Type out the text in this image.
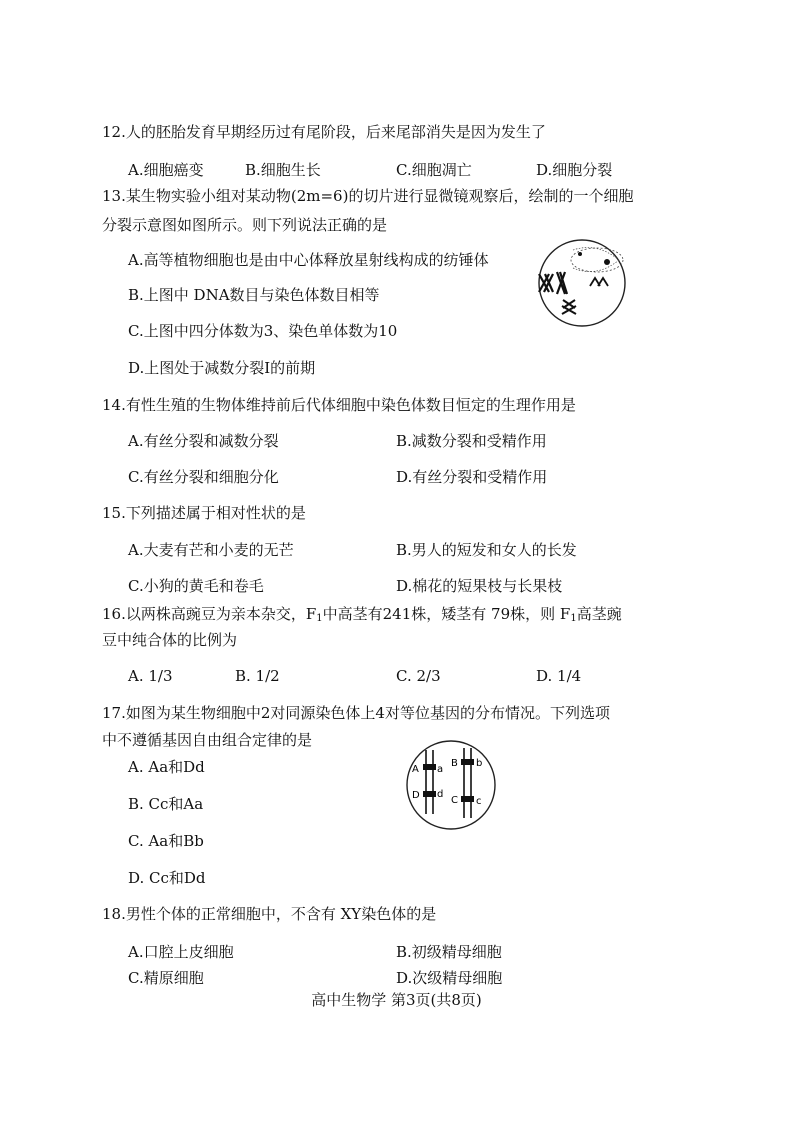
12.人的胚胎发育早期经历过有尾阶段，后来尾部消失是因为发生了
A.细胞癌变	B.细胞生长	C.细胞凋亡	D.细胞分裂
13.某生物实验小组对某动物(2m=6)的切片进行显微镜观察后，绘制的一个细胞
分裂示意图如图所示。则下列说法正确的是
A.高等植物细胞也是由中心体释放星射线构成的纺锤体
B.上图中 DNA数目与染色体数目相等
C.上图中四分体数为3、染色单体数为10
D.上图处于减数分裂Ⅰ的前期
14.有性生殖的生物体维持前后代体细胞中染色体数目恒定的生理作用是
A.有丝分裂和减数分裂	B.减数分裂和受精作用
C.有丝分裂和细胞分化	D.有丝分裂和受精作用
15.下列描述属于相对性状的是
A.大麦有芒和小麦的无芒	B.男人的短发和女人的长发
C.小狗的黄毛和卷毛	D.棉花的短果枝与长果枝
16.以两株高豌豆为亲本杂交，$F_1$中高茎有241株，矮茎有 79株，则 $F_1$高茎豌
豆中纯合体的比例为
A. 1/3	B. 1/2	C. 2/3	D. 1/4
17.如图为某生物细胞中2对同源染色体上4对等位基因的分布情况。下列选项
中不遵循基因自由组合定律的是
A. Aa和Dd
B. Cc和Aa
C. Aa和Bb
D. Cc和Dd
A a
D d
B b
C c
18.男性个体的正常细胞中，不含有 XY染色体的是
A.口腔上皮细胞	B.初级精母细胞
C.精原细胞	D.次级精母细胞
高中生物学 第3页(共8页)
